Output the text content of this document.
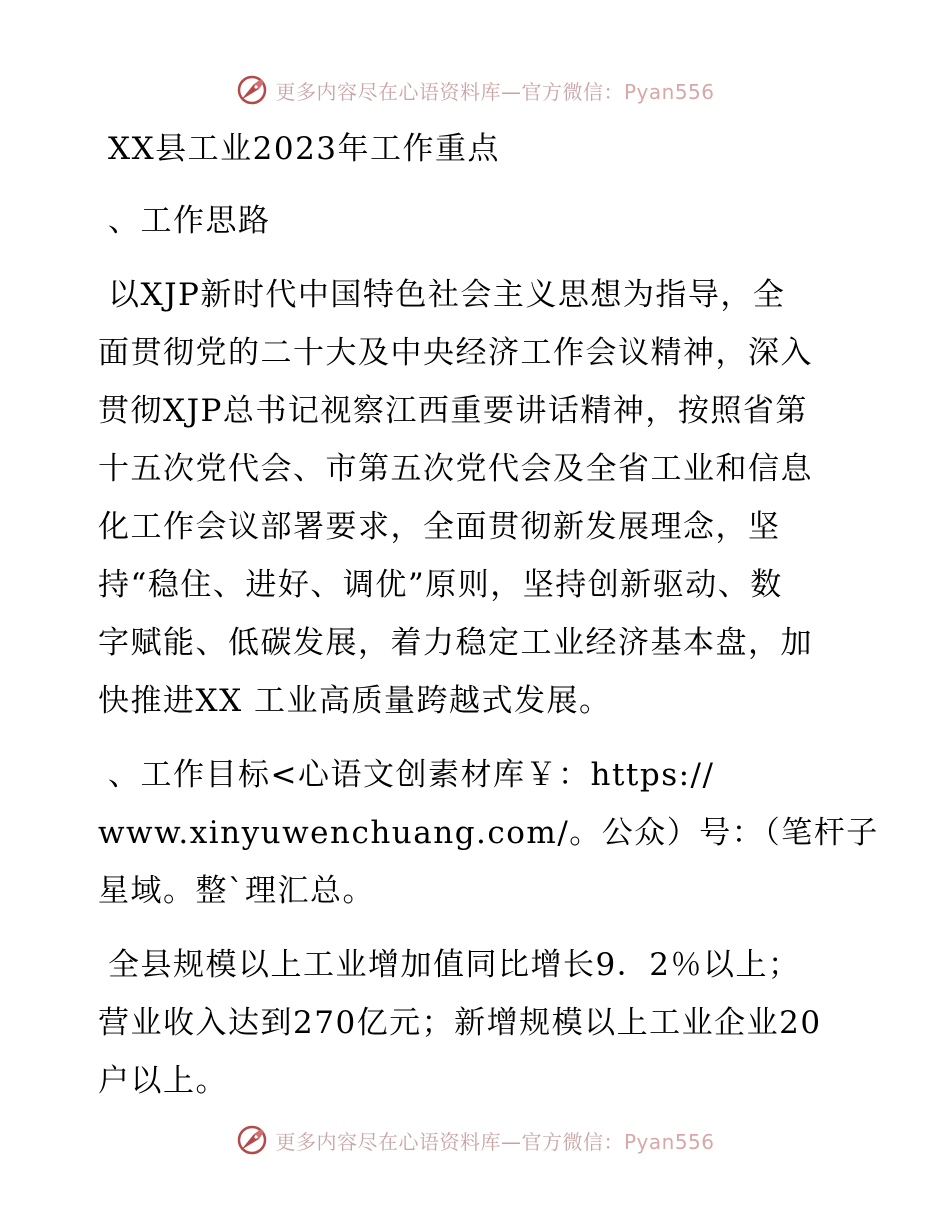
更多内容尽在心语资料库—官方微信：Pyan556
XX县工业2023年工作重点
、工作思路
以XJP新时代中国特色社会主义思想为指导，全
面贯彻党的二十大及中央经济工作会议精神，深入
贯彻XJP总书记视察江西重要讲话精神，按照省第
十五次党代会、市第五次党代会及全省工业和信息
化工作会议部署要求，全面贯彻新发展理念，坚
持“稳住、进好、调优”原则，坚持创新驱动、数
字赋能、低碳发展，着力稳定工业经济基本盘，加
快推进XX 工业高质量跨越式发展。
、工作目标<心语文创素材库￥：https://
www.xinyuwenchuang.com/。公众）号：（笔杆子
星域。整`理汇总。
全县规模以上工业增加值同比增长9．2％以上；
营业收入达到270亿元；新增规模以上工业企业20
户以上。
更多内容尽在心语资料库—官方微信：Pyan556
